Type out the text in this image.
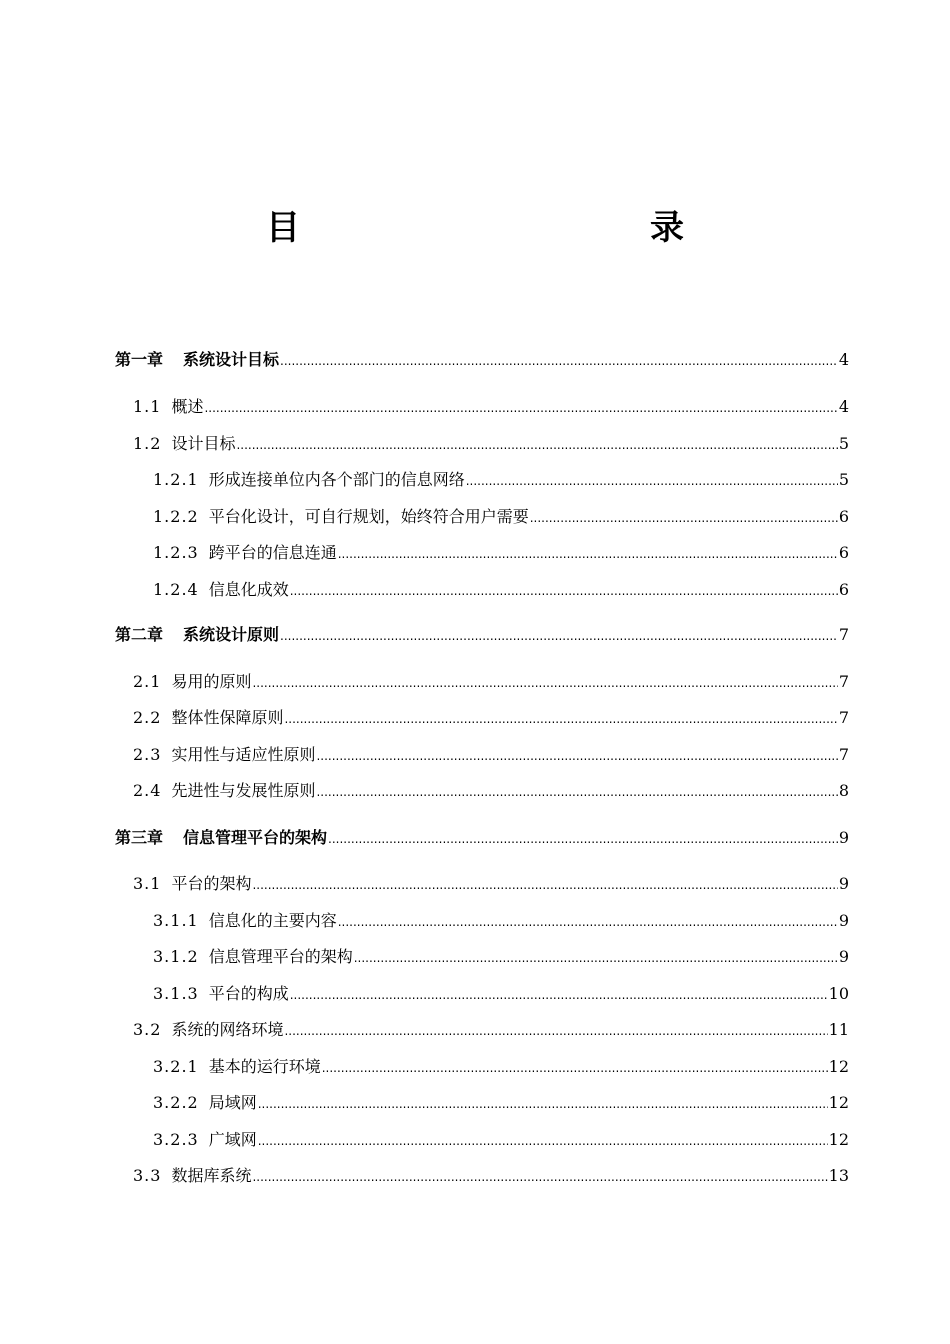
目　　录
第一章 系统设计目标 .....	4
1.1 概述 .....	4
1.2 设计目标 .....	5
1.2.1 形成连接单位内各个部门的信息网络 .....	5
1.2.2 平台化设计，可自行规划，始终符合用户需要 .....	6
1.2.3 跨平台的信息连通 .....	6
1.2.4 信息化成效 .....	6
第二章 系统设计原则 .....	7
2.1 易用的原则 .....	7
2.2 整体性保障原则 .....	7
2.3 实用性与适应性原则 .....	7
2.4 先进性与发展性原则 .....	8
第三章 信息管理平台的架构 .....	9
3.1 平台的架构 .....	9
3.1.1 信息化的主要内容 .....	9
3.1.2 信息管理平台的架构 .....	9
3.1.3 平台的构成 .....	10
3.2 系统的网络环境 .....	11
3.2.1 基本的运行环境 .....	12
3.2.2 局域网 .....	12
3.2.3 广域网 .....	12
3.3 数据库系统 .....	13
